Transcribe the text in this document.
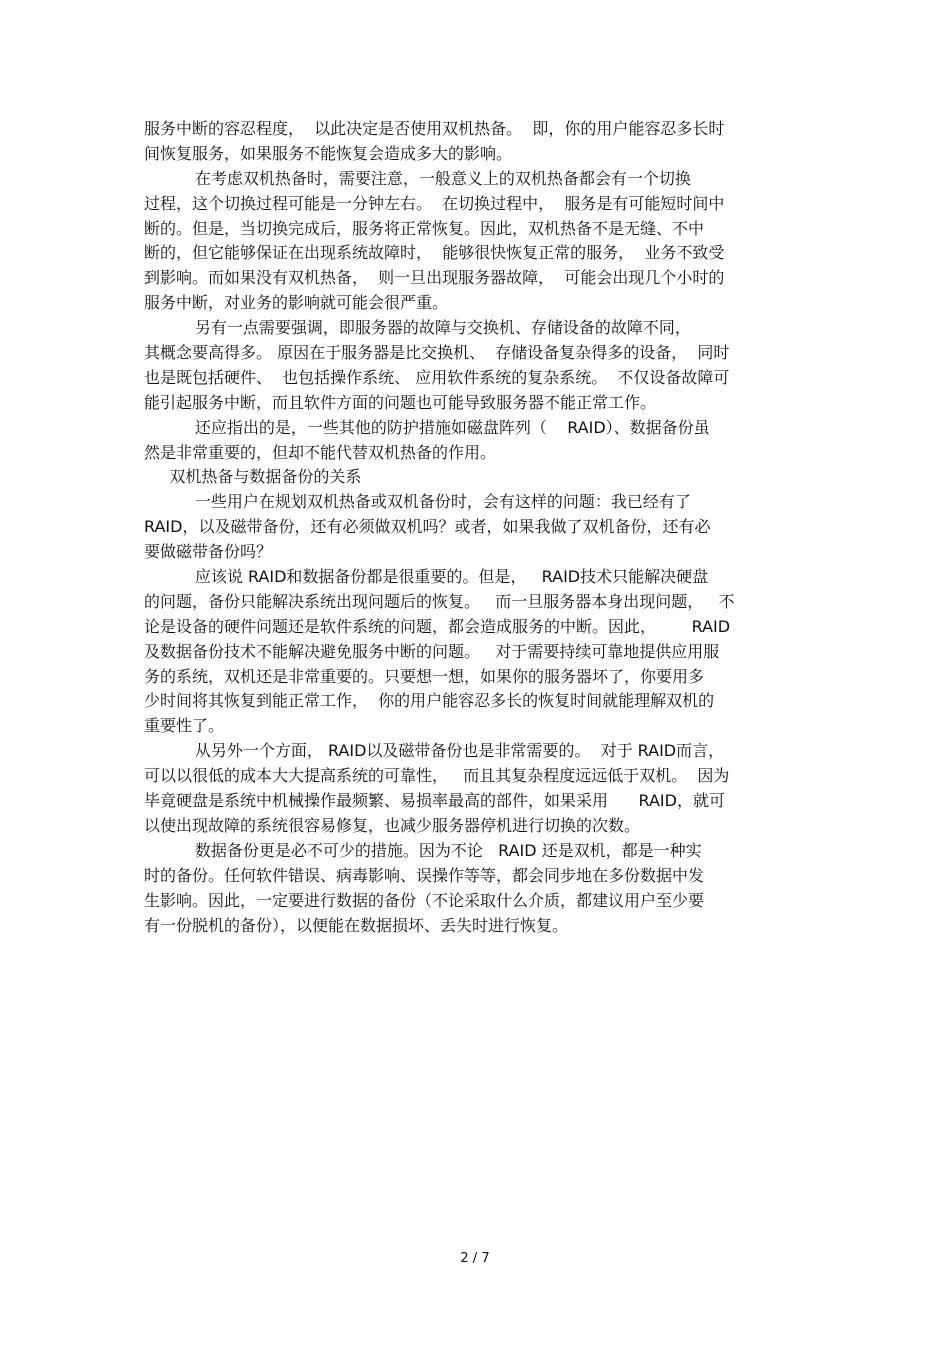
服务中断的容忍程度，  以此决定是否使用双机热备。  即，你的用户能容忍多长时
间恢复服务，如果服务不能恢复会造成多大的影响。
在考虑双机热备时，需要注意，一般意义上的双机热备都会有一个切换
过程，这个切换过程可能是一分钟左右。  在切换过程中，  服务是有可能短时间中
断的。但是，当切换完成后，服务将正常恢复。因此，双机热备不是无缝、不中
断的，但它能够保证在出现系统故障时，  能够很快恢复正常的服务，  业务不致受
到影响。而如果没有双机热备，  则一旦出现服务器故障，  可能会出现几个小时的
服务中断，对业务的影响就可能会很严重。
另有一点需要强调，即服务器的故障与交换机、存储设备的故障不同，
其概念要高得多。 原因在于服务器是比交换机、  存储设备复杂得多的设备，  同时
也是既包括硬件、  也包括操作系统、 应用软件系统的复杂系统。  不仅设备故障可
能引起服务中断，而且软件方面的问题也可能导致服务器不能正常工作。
还应指出的是，一些其他的防护措施如磁盘阵列（    RAID）、数据备份虽
然是非常重要的，但却不能代替双机热备的作用。
双机热备与数据备份的关系
一些用户在规划双机热备或双机备份时，会有这样的问题：我已经有了
RAID，以及磁带备份，还有必须做双机吗？或者，如果我做了双机备份，还有必
要做磁带备份吗？
应该说 RAID和数据备份都是很重要的。但是，   RAID技术只能解决硬盘
的问题，备份只能解决系统出现问题后的恢复。   而一旦服务器本身出现问题，   不
论是设备的硬件问题还是软件系统的问题，都会造成服务的中断。因此，       RAID
及数据备份技术不能解决避免服务中断的问题。   对于需要持续可靠地提供应用服
务的系统，双机还是非常重要的。只要想一想，如果你的服务器坏了，你要用多
少时间将其恢复到能正常工作，  你的用户能容忍多长的恢复时间就能理解双机的
重要性了。
从另外一个方面， RAID以及磁带备份也是非常需要的。  对于 RAID而言，
可以以很低的成本大大提高系统的可靠性，   而且其复杂程度远远低于双机。  因为
毕竟硬盘是系统中机械操作最频繁、易损率最高的部件，如果采用      RAID，就可
以使出现故障的系统很容易修复，也减少服务器停机进行切换的次数。
数据备份更是必不可少的措施。因为不论   RAID 还是双机，都是一种实
时的备份。任何软件错误、病毒影响、误操作等等，都会同步地在多份数据中发
生影响。因此，一定要进行数据的备份（不论采取什么介质，都建议用户至少要
有一份脱机的备份），以便能在数据损坏、丢失时进行恢复。
2 / 7
